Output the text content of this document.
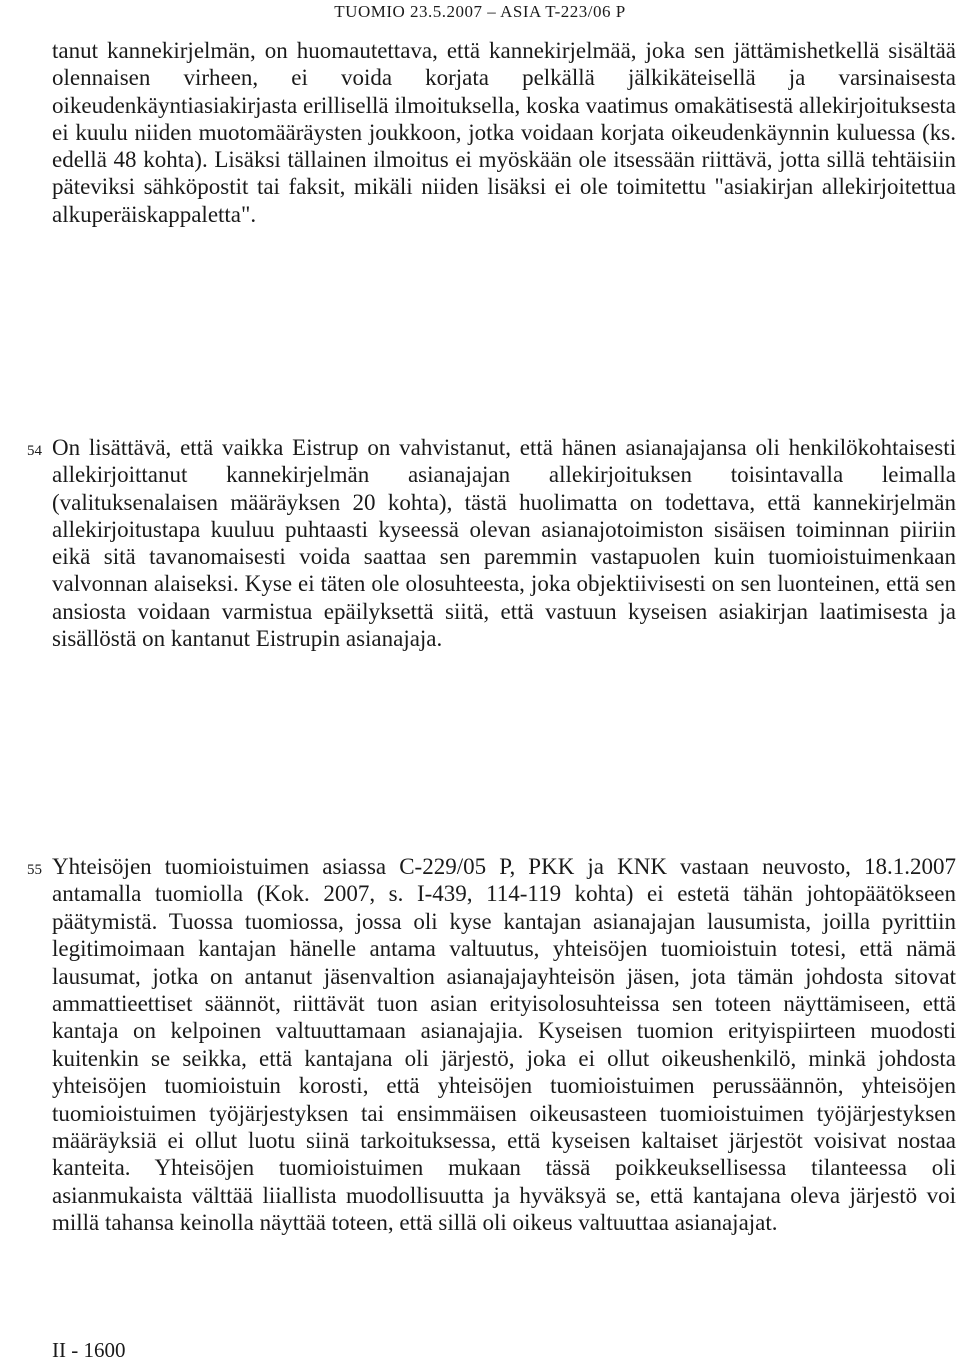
TUOMIO 23.5.2007 – ASIA T-223/06 P

tanut kannekirjelmän, on huomautettava, että kannekirjelmää, joka sen jättämishetkellä sisältää olennaisen virheen, ei voida korjata pelkällä jälkikäteisellä ja varsinaisesta oikeudenkäyntiasiakirjasta erillisellä ilmoituksella, koska vaatimus omakätisestä allekirjoituksesta ei kuulu niiden muotomääräysten joukkoon, jotka voidaan korjata oikeudenkäynnin kuluessa (ks. edellä 48 kohta). Lisäksi tällainen ilmoitus ei myöskään ole itsessään riittävä, jotta sillä tehtäisiin päteviksi sähköpostit tai faksit, mikäli niiden lisäksi ei ole toimitettu "asiakirjan allekirjoitettua alkuperäiskappaletta".

54 On lisättävä, että vaikka Eistrup on vahvistanut, että hänen asianajajansa oli henkilökohtaisesti allekirjoittanut kannekirjelmän asianajajan allekirjoituksen toisintavalla leimalla (valituksenalaisen määräyksen 20 kohta), tästä huolimatta on todettava, että kannekirjelmän allekirjoitustapa kuuluu puhtaasti kyseessä olevan asianajotoimiston sisäisen toiminnan piiriin eikä sitä tavanomaisesti voida saattaa sen paremmin vastapuolen kuin tuomioistuimenkaan valvonnan alaiseksi. Kyse ei täten ole olosuhteesta, joka objektiivisesti on sen luonteinen, että sen ansiosta voidaan varmistua epäilyksettä siitä, että vastuun kyseisen asiakirjan laatimisesta ja sisällöstä on kantanut Eistrupin asianajaja.

55 Yhteisöjen tuomioistuimen asiassa C-229/05 P, PKK ja KNK vastaan neuvosto, 18.1.2007 antamalla tuomiolla (Kok. 2007, s. I-439, 114-119 kohta) ei estetä tähän johtopäätökseen päätymistä. Tuossa tuomiossa, jossa oli kyse kantajan asianajajan lausumista, joilla pyrittiin legitimoimaan kantajan hänelle antama valtuutus, yhteisöjen tuomioistuin totesi, että nämä lausumat, jotka on antanut jäsenvaltion asianajajayhteisön jäsen, jota tämän johdosta sitovat ammattieettiset säännöt, riittävät tuon asian erityisolosuhteissa sen toteen näyttämiseen, että kantaja on kelpoinen valtuuttamaan asianajajia. Kyseisen tuomion erityispiirteen muodosti kuitenkin se seikka, että kantajana oli järjestö, joka ei ollut oikeushenkilö, minkä johdosta yhteisöjen tuomioistuin korosti, että yhteisöjen tuomioistuimen perussäännön, yhteisöjen tuomioistuimen työjärjestyksen tai ensimmäisen oikeusasteen tuomioistuimen työjärjestyksen määräyksiä ei ollut luotu siinä tarkoituksessa, että kyseisen kaltaiset järjestöt voisivat nostaa kanteita. Yhteisöjen tuomioistuimen mukaan tässä poikkeuksellisessa tilanteessa oli asianmukaista välttää liiallista muodollisuutta ja hyväksyä se, että kantajana oleva järjestö voi millä tahansa keinolla näyttää toteen, että sillä oli oikeus valtuuttaa asianajajat.

II - 1600
